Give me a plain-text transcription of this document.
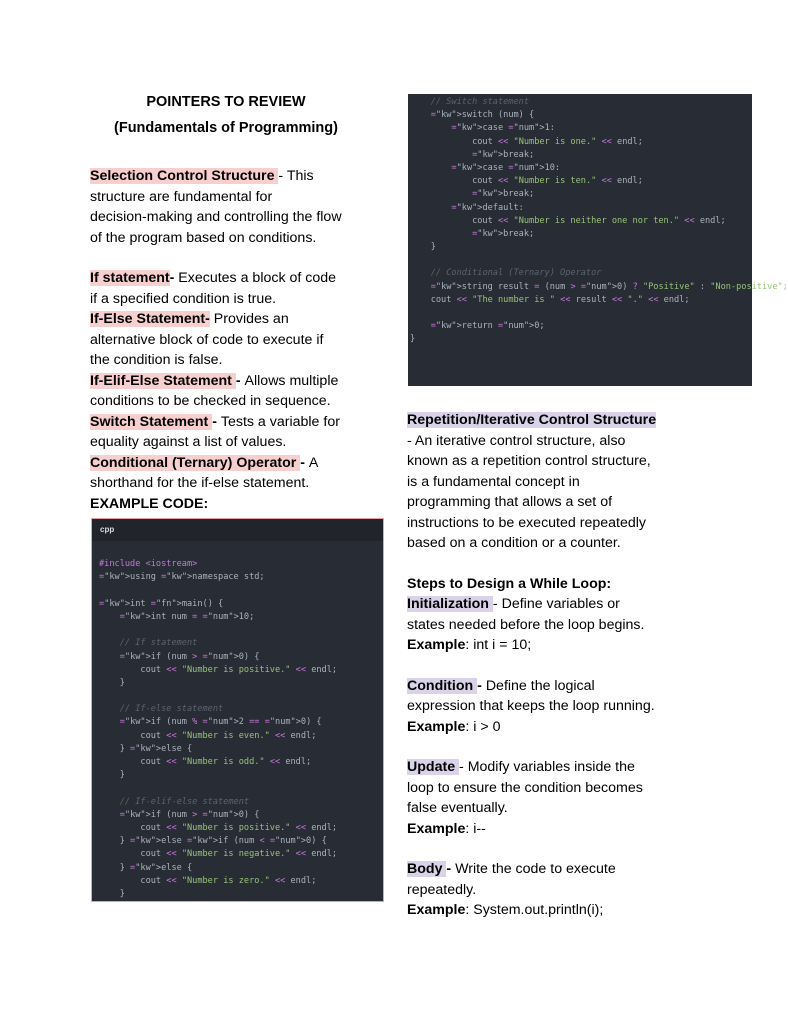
POINTERS TO REVIEW
(Fundamentals of Programming)

Selection Control Structure - This
structure are fundamental for
decision-making and controlling the flow
of the program based on conditions.

If statement- Executes a block of code
if a specified condition is true.

If-Else Statement- Provides an
alternative block of code to execute if
the condition is false.

If-Elif-Else Statement - Allows multiple
conditions to be checked in sequence.

Switch Statement - Tests a variable for
equality against a list of values.

Conditional (Ternary) Operator - A
shorthand for the if-else statement.

EXAMPLE CODE:

cpp
#include <iostream>
="kw">using ="kw">namespace std;
="kw">int ="fn">main() {
="kw">int num = ="num">10;
// If statement
="kw">if (num > ="num">0) {
cout << "Number is positive." << endl;
}
// If-else statement
="kw">if (num % ="num">2 == ="num">0) {
cout << "Number is even." << endl;
} ="kw">else {
cout << "Number is odd." << endl;
}
// If-elif-else statement
="kw">if (num > ="num">0) {
cout << "Number is positive." << endl;
} ="kw">else ="kw">if (num < ="num">0) {
cout << "Number is negative." << endl;
} ="kw">else {
cout << "Number is zero." << endl;
}
// Switch statement
="kw">switch (num) {
="kw">case ="num">1:
cout << "Number is one." << endl;
="kw">break;
="kw">case ="num">10:
cout << "Number is ten." << endl;
="kw">break;
="kw">default:
cout << "Number is neither one nor ten." << endl;
="kw">break;
}
// Conditional (Ternary) Operator
="kw">string result = (num > ="num">0) ? "Positive" : "Non-positive";
cout << "The number is " << result << "." << endl;
="kw">return ="num">0;
}

Repetition/Iterative Control Structure
- An iterative control structure, also
known as a repetition control structure,
is a fundamental concept in
programming that allows a set of
instructions to be executed repeatedly
based on a condition or a counter.

Steps to Design a While Loop:

Initialization - Define variables or
states needed before the loop begins.
Example: int i = 10;

Condition - Define the logical
expression that keeps the loop running.
Example: i > 0

Update - Modify variables inside the
loop to ensure the condition becomes
false eventually.
Example: i--

Body - Write the code to execute
repeatedly.
Example: System.out.println(i);
